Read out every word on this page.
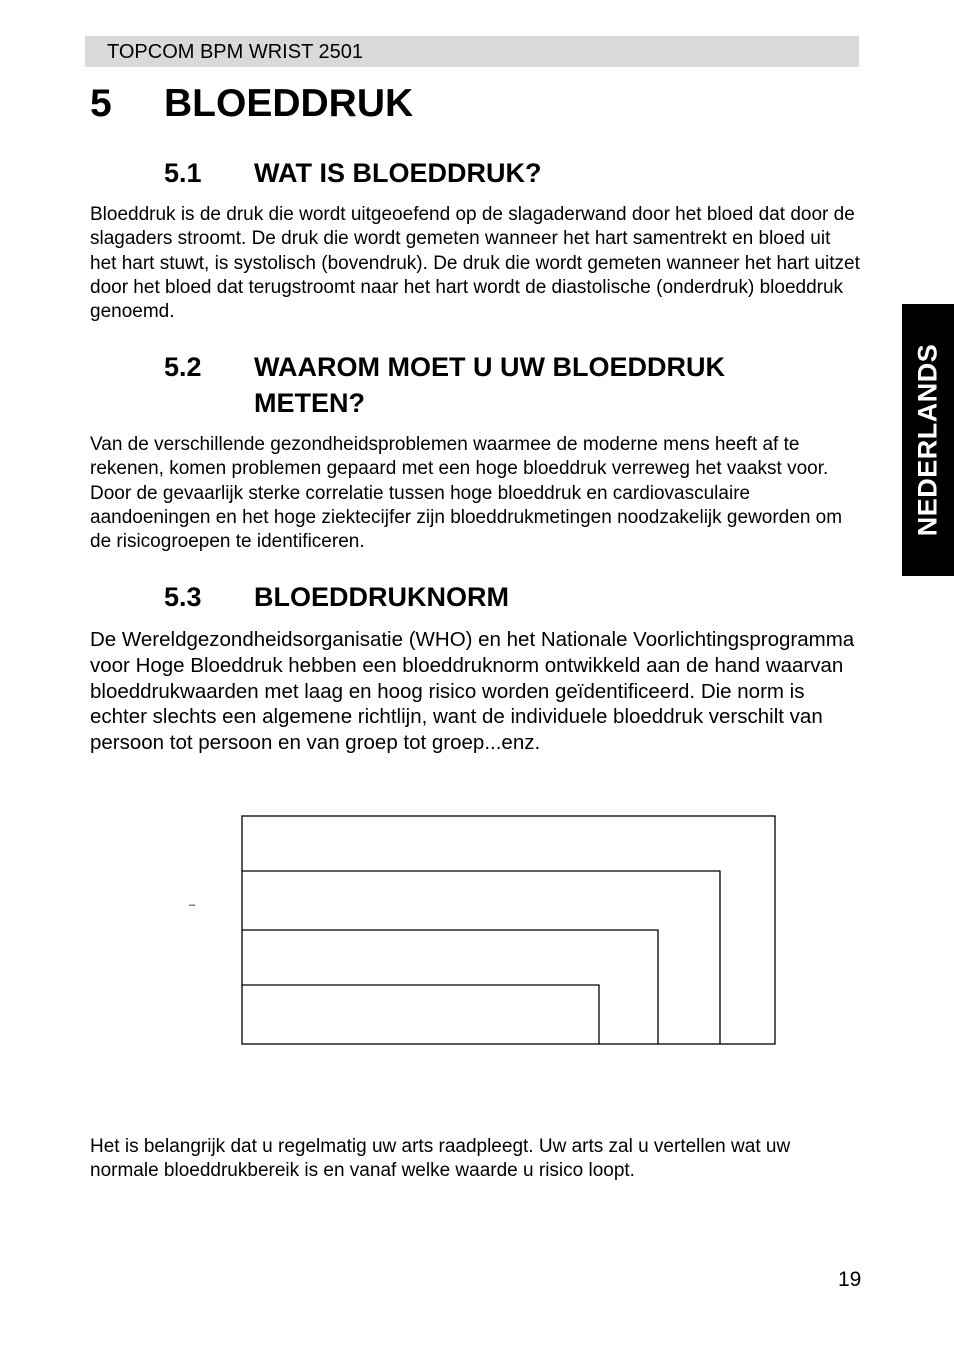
TOPCOM BPM WRIST 2501
5 BLOEDDRUK
5.1 WAT IS BLOEDDRUK?

Bloeddruk is de druk die wordt uitgeoefend op de slagaderwand door het bloed dat door de slagaders stroomt. De druk die wordt gemeten wanneer het hart samentrekt en bloed uit het hart stuwt, is systolisch (bovendruk). De druk die wordt gemeten wanneer het hart uitzet door het bloed dat terugstroomt naar het hart wordt de diastolische (onderdruk) bloeddruk genoemd.

5.2 WAAROM MOET U UW BLOEDDRUK METEN?

Van de verschillende gezondheidsproblemen waarmee de moderne mens heeft af te rekenen, komen problemen gepaard met een hoge bloeddruk verreweg het vaakst voor. Door de gevaarlijk sterke correlatie tussen hoge bloeddruk en cardiovasculaire aandoeningen en het hoge ziektecijfer zijn bloeddrukmetingen noodzakelijk geworden om de risicogroepen te identificeren.

5.3 BLOEDDRUKNORM

De Wereldgezondheidsorganisatie (WHO) en het Nationale Voorlichtingsprogramma voor Hoge Bloeddruk hebben een bloeddruknorm ontwikkeld aan de hand waarvan bloeddrukwaarden met laag en hoog risico worden geïdentificeerd. Die norm is echter slechts een algemene richtlijn, want de individuele bloeddruk verschilt van persoon tot persoon en van groep tot groep...enz.

–

Het is belangrijk dat u regelmatig uw arts raadpleegt. Uw arts zal u vertellen wat uw normale bloeddrukbereik is en vanaf welke waarde u risico loopt.

NEDERLANDS
19
